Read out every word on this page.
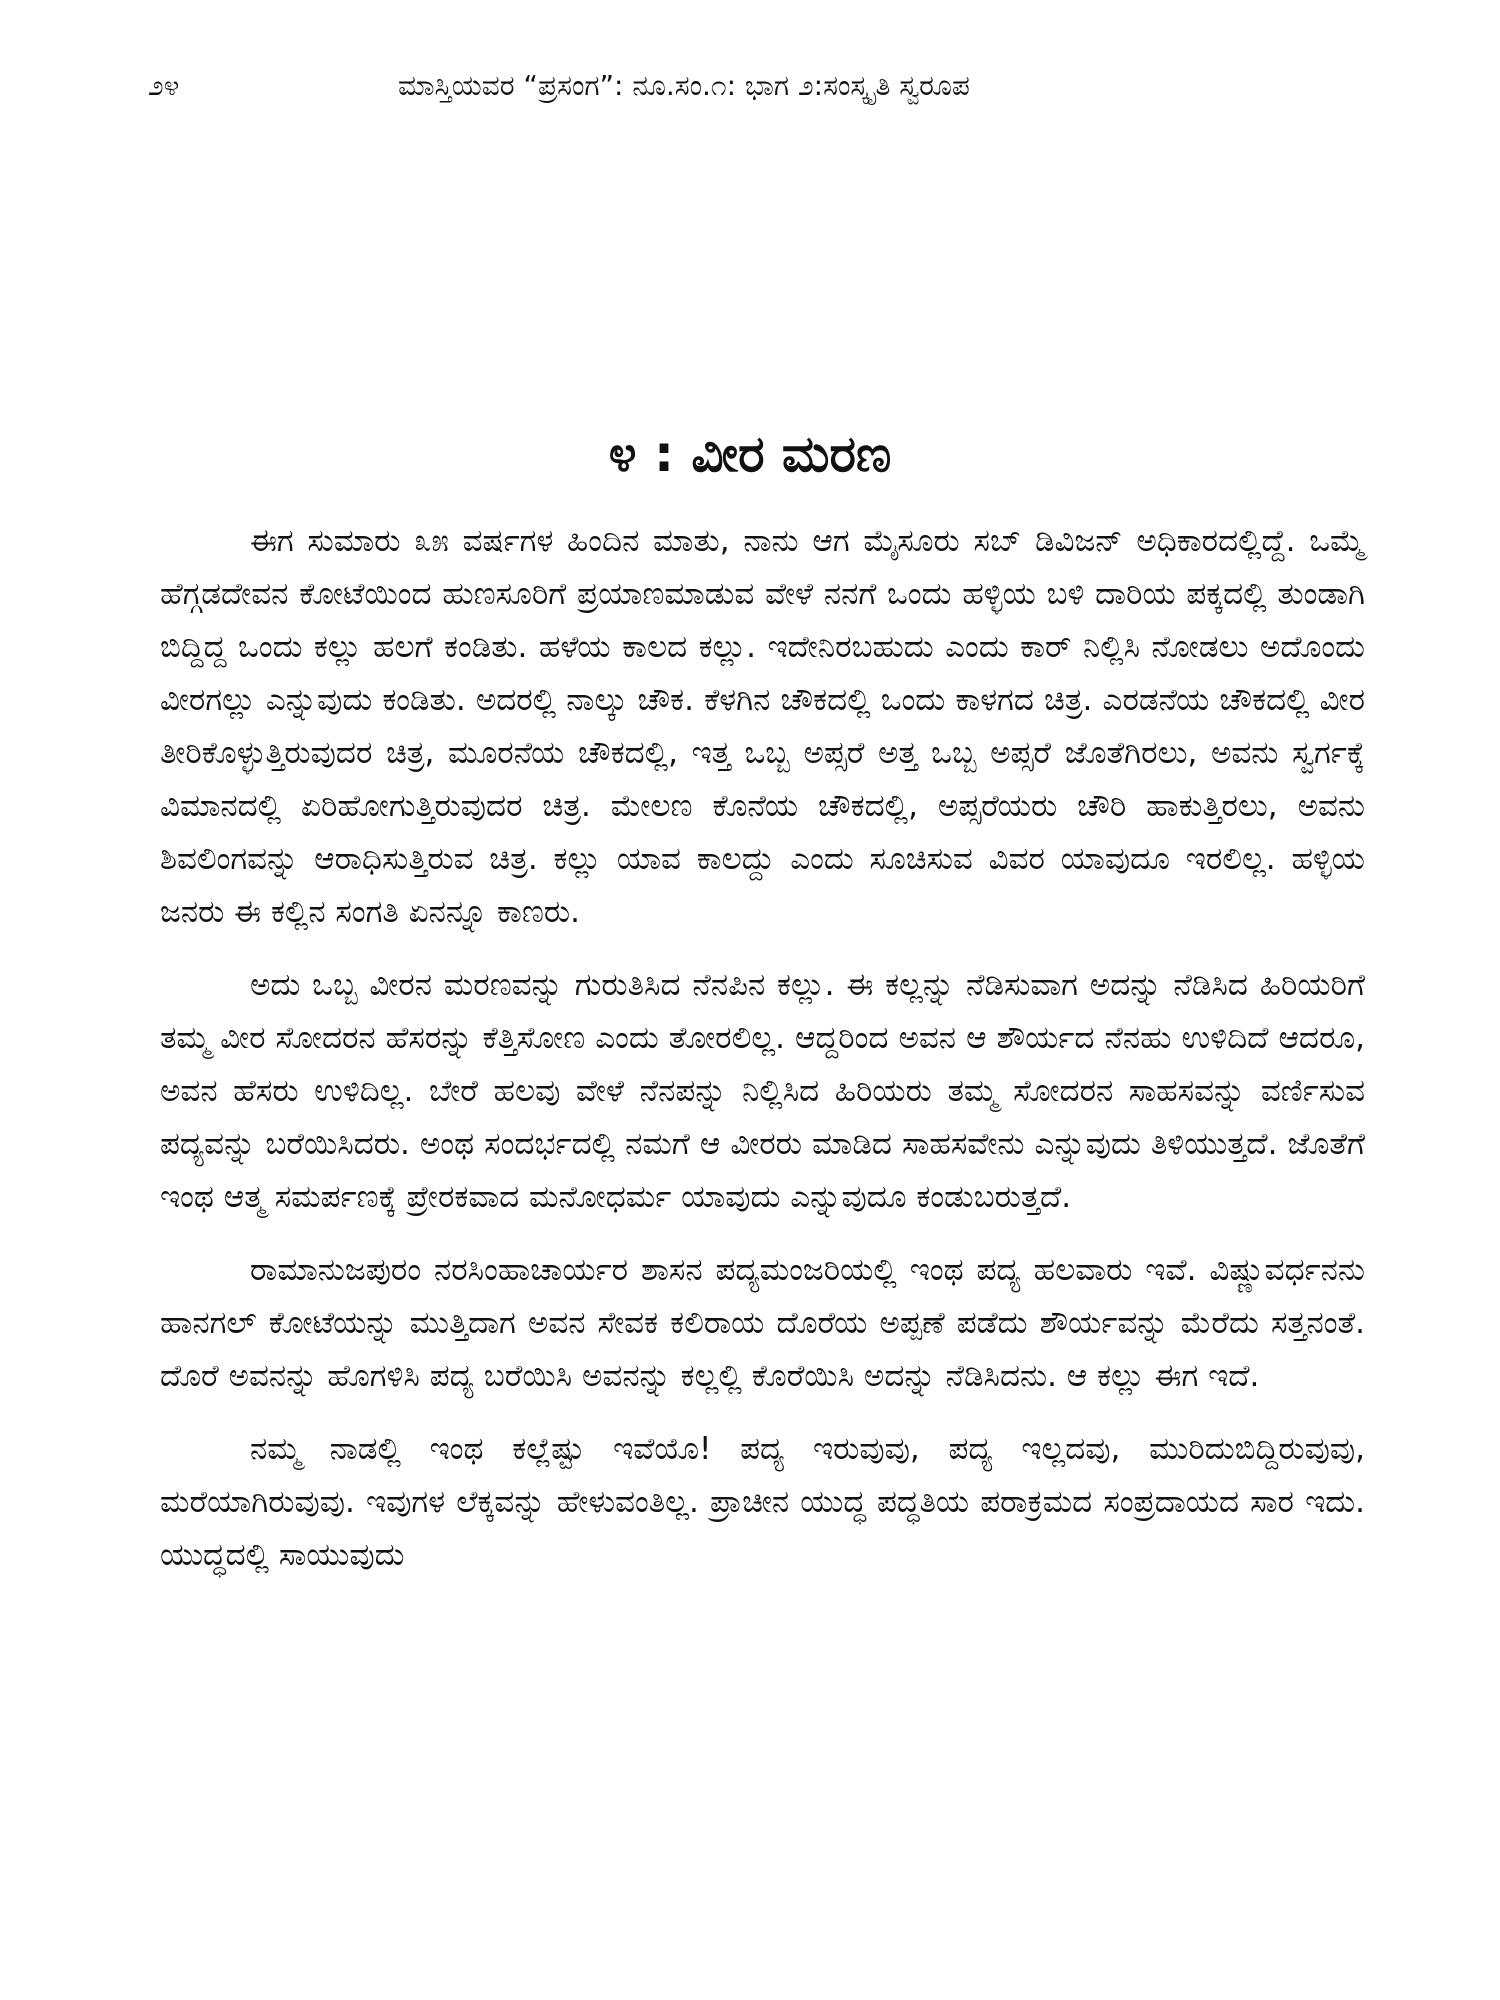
೨೪	ಮಾಸ್ತಿಯವರ “ಪ್ರಸಂಗ”: ನೂ.ಸಂ.೧: ಭಾಗ ೨:ಸಂಸ್ಕೃತಿ ಸ್ವರೂಪ
೪ : ವೀರ ಮರಣ

ಈಗ ಸುಮಾರು ೩೫ ವರ್ಷಗಳ ಹಿಂದಿನ ಮಾತು, ನಾನು ಆಗ ಮೈಸೂರು ಸಬ್ ಡಿವಿಜನ್ ಅಧಿಕಾರದಲ್ಲಿದ್ದೆ. ಒಮ್ಮೆ ಹೆಗ್ಗಡದೇವನ ಕೋಟೆಯಿಂದ ಹುಣಸೂರಿಗೆ ಪ್ರಯಾಣಮಾಡುವ ವೇಳೆ ನನಗೆ ಒಂದು ಹಳ್ಳಿಯ ಬಳಿ ದಾರಿಯ ಪಕ್ಕದಲ್ಲಿ ತುಂಡಾಗಿ ಬಿದ್ದಿದ್ದ ಒಂದು ಕಲ್ಲು ಹಲಗೆ ಕಂಡಿತು. ಹಳೆಯ ಕಾಲದ ಕಲ್ಲು. ಇದೇನಿರಬಹುದು ಎಂದು ಕಾರ್ ನಿಲ್ಲಿಸಿ ನೋಡಲು ಅದೊಂದು ವೀರಗಲ್ಲು ಎನ್ನುವುದು ಕಂಡಿತು. ಅದರಲ್ಲಿ ನಾಲ್ಕು ಚೌಕ. ಕೆಳಗಿನ ಚೌಕದಲ್ಲಿ ಒಂದು ಕಾಳಗದ ಚಿತ್ರ. ಎರಡನೆಯ ಚೌಕದಲ್ಲಿ ವೀರ ತೀರಿಕೊಳ್ಳುತ್ತಿರುವುದರ ಚಿತ್ರ, ಮೂರನೆಯ ಚೌಕದಲ್ಲಿ, ಇತ್ತ ಒಬ್ಬ ಅಪ್ಸರೆ ಅತ್ತ ಒಬ್ಬ ಅಪ್ಸರೆ ಜೊತೆಗಿರಲು, ಅವನು ಸ್ವರ್ಗಕ್ಕೆ ವಿಮಾನದಲ್ಲಿ ಏರಿಹೋಗುತ್ತಿರುವುದರ ಚಿತ್ರ. ಮೇಲಣ ಕೊನೆಯ ಚೌಕದಲ್ಲಿ, ಅಪ್ಸರೆಯರು ಚೌರಿ ಹಾಕುತ್ತಿರಲು, ಅವನು ಶಿವಲಿಂಗವನ್ನು ಆರಾಧಿಸುತ್ತಿರುವ ಚಿತ್ರ. ಕಲ್ಲು ಯಾವ ಕಾಲದ್ದು ಎಂದು ಸೂಚಿಸುವ ವಿವರ ಯಾವುದೂ ಇರಲಿಲ್ಲ. ಹಳ್ಳಿಯ ಜನರು ಈ ಕಲ್ಲಿನ ಸಂಗತಿ ಏನನ್ನೂ ಕಾಣರು.

ಅದು ಒಬ್ಬ ವೀರನ ಮರಣವನ್ನು ಗುರುತಿಸಿದ ನೆನಪಿನ ಕಲ್ಲು. ಈ ಕಲ್ಲನ್ನು ನೆಡಿಸುವಾಗ ಅದನ್ನು ನೆಡಿಸಿದ ಹಿರಿಯರಿಗೆ ತಮ್ಮ ವೀರ ಸೋದರನ ಹೆಸರನ್ನು ಕೆತ್ತಿಸೋಣ ಎಂದು ತೋರಲಿಲ್ಲ. ಆದ್ದರಿಂದ ಅವನ ಆ ಶೌರ್ಯದ ನೆನಹು ಉಳಿದಿದೆ ಆದರೂ, ಅವನ ಹೆಸರು ಉಳಿದಿಲ್ಲ. ಬೇರೆ ಹಲವು ವೇಳೆ ನೆನಪನ್ನು ನಿಲ್ಲಿಸಿದ ಹಿರಿಯರು ತಮ್ಮ ಸೋದರನ ಸಾಹಸವನ್ನು ವರ್ಣಿಸುವ ಪದ್ಯವನ್ನು ಬರೆಯಿಸಿದರು. ಅಂಥ ಸಂದರ್ಭದಲ್ಲಿ ನಮಗೆ ಆ ವೀರರು ಮಾಡಿದ ಸಾಹಸವೇನು ಎನ್ನುವುದು ತಿಳಿಯುತ್ತದೆ. ಜೊತೆಗೆ ಇಂಥ ಆತ್ಮ ಸಮರ್ಪಣಕ್ಕೆ ಪ್ರೇರಕವಾದ ಮನೋಧರ್ಮ ಯಾವುದು ಎನ್ನುವುದೂ ಕಂಡುಬರುತ್ತದೆ.

ರಾಮಾನುಜಪುರಂ ನರಸಿಂಹಾಚಾರ್ಯರ ಶಾಸನ ಪದ್ಯಮಂಜರಿಯಲ್ಲಿ ಇಂಥ ಪದ್ಯ ಹಲವಾರು ಇವೆ. ವಿಷ್ಣುವರ್ಧನನು ಹಾನಗಲ್ ಕೋಟೆಯನ್ನು ಮುತ್ತಿದಾಗ ಅವನ ಸೇವಕ ಕಲಿರಾಯ ದೊರೆಯ ಅಪ್ಪಣೆ ಪಡೆದು ಶೌರ್ಯವನ್ನು ಮೆರೆದು ಸತ್ತನಂತೆ. ದೊರೆ ಅವನನ್ನು ಹೊಗಳಿಸಿ ಪದ್ಯ ಬರೆಯಿಸಿ ಅವನನ್ನು ಕಲ್ಲಲ್ಲಿ ಕೊರೆಯಿಸಿ ಅದನ್ನು ನೆಡಿಸಿದನು. ಆ ಕಲ್ಲು ಈಗ ಇದೆ.

ನಮ್ಮ ನಾಡಲ್ಲಿ ಇಂಥ ಕಲ್ಲೆಷ್ಟು ಇವೆಯೊ! ಪದ್ಯ ಇರುವುವು, ಪದ್ಯ ಇಲ್ಲದವು, ಮುರಿದುಬಿದ್ದಿರುವುವು, ಮರೆಯಾಗಿರುವುವು. ಇವುಗಳ ಲೆಕ್ಕವನ್ನು ಹೇಳುವಂತಿಲ್ಲ. ಪ್ರಾಚೀನ ಯುದ್ಧ ಪದ್ಧತಿಯ ಪರಾಕ್ರಮದ ಸಂಪ್ರದಾಯದ ಸಾರ ಇದು. ಯುದ್ಧದಲ್ಲಿ ಸಾಯುವುದು
